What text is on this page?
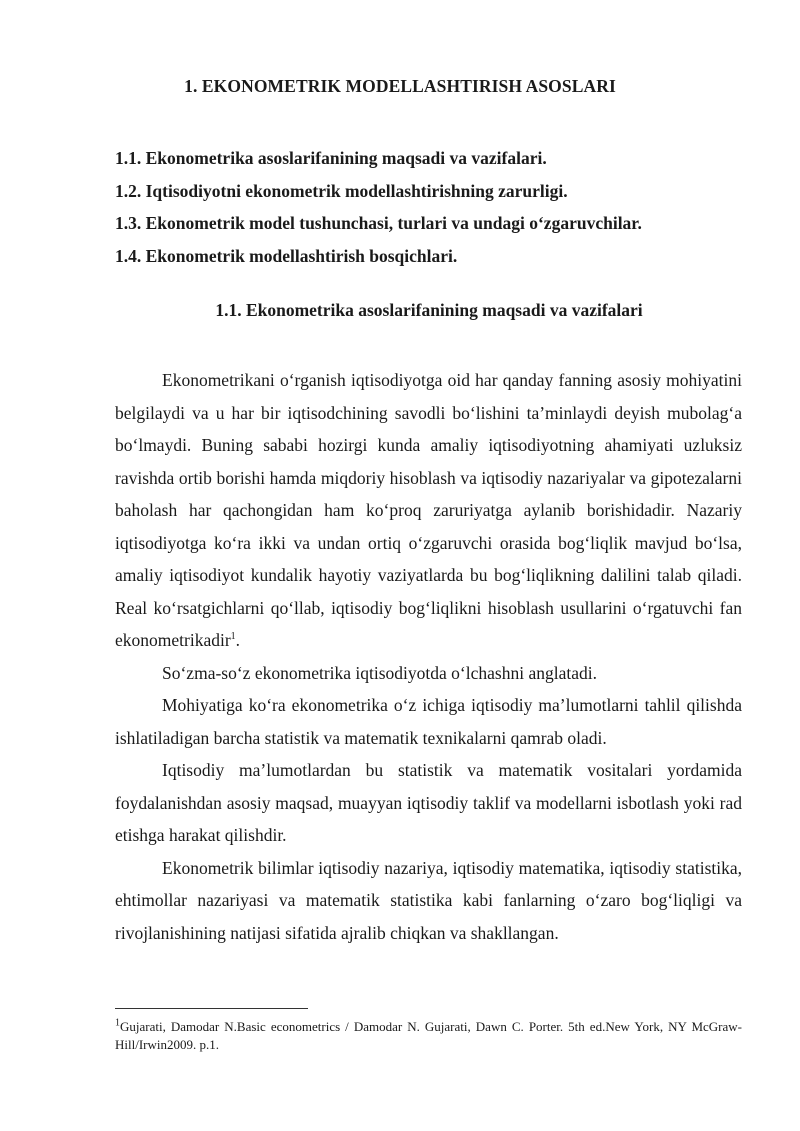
1. EKONOMETRIK MODELLASHTIRISH ASOSLARI
1.1. Ekonometrika asoslarifanining maqsadi va vazifalari.
1.2. Iqtisodiyotni ekonometrik modellashtirishning zarurligi.
1.3. Ekonometrik model tushunchasi, turlari va undagi o‘zgaruvchilar.
1.4. Ekonometrik modellashtirish bosqichlari.
1.1. Ekonometrika asoslarifanining maqsadi va vazifalari

Ekonometrikani o‘rganish iqtisodiyotga oid har qanday fanning asosiy mohiyatini belgilaydi va u har bir iqtisodchining savodli bo‘lishini ta’minlaydi deyish mubolag‘a bo‘lmaydi. Buning sababi hozirgi kunda amaliy iqtisodiyotning ahamiyati uzluksiz ravishda ortib borishi hamda miqdoriy hisoblash va iqtisodiy nazariyalar va gipotezalarni baholash har qachongidan ham ko‘proq zaruriyatga aylanib borishidadir. Nazariy iqtisodiyotga ko‘ra ikki va undan ortiq o‘zgaruvchi orasida bog‘liqlik mavjud bo‘lsa, amaliy iqtisodiyot kundalik hayotiy vaziyatlarda bu bog‘liqlikning dalilini talab qiladi. Real ko‘rsatgichlarni qo‘llab, iqtisodiy bog‘liqlikni hisoblash usullarini o‘rgatuvchi fan ekonometrikadir$^1$.

So‘zma-so‘z ekonometrika iqtisodiyotda o‘lchashni anglatadi.

Mohiyatiga ko‘ra ekonometrika o‘z ichiga iqtisodiy ma’lumotlarni tahlil qilishda ishlatiladigan barcha statistik va matematik texnikalarni qamrab oladi.

Iqtisodiy ma’lumotlardan bu statistik va matematik vositalari yordamida foydalanishdan asosiy maqsad, muayyan iqtisodiy taklif va modellarni isbotlash yoki rad etishga harakat qilishdir.

Ekonometrik bilimlar iqtisodiy nazariya, iqtisodiy matematika, iqtisodiy statistika, ehtimollar nazariyasi va matematik statistika kabi fanlarning o‘zaro bog‘liqligi va rivojlanishining natijasi sifatida ajralib chiqkan va shakllangan.

$^1$Gujarati, Damodar N.Basic econometrics / Damodar N. Gujarati, Dawn C. Porter. 5th ed.New York, NY McGraw-Hill/Irwin2009. p.1.
